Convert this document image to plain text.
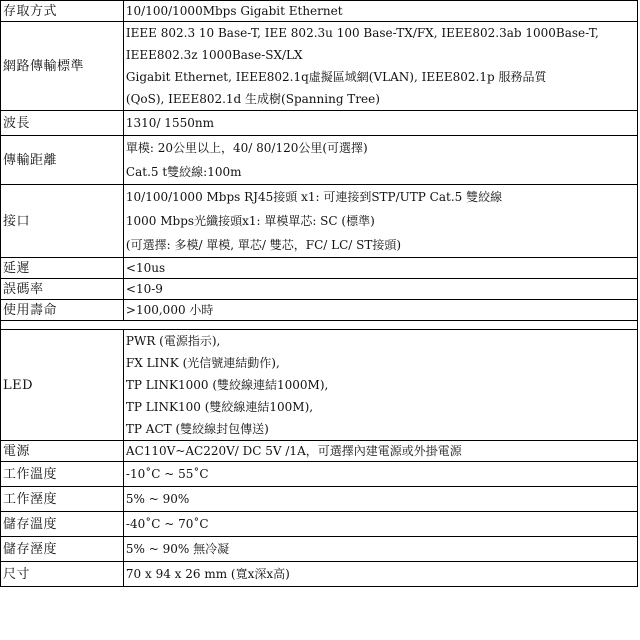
存取方式	10/100/1000Mbps Gigabit Ethernet

網路傳輸標準	IEEE 802.3 10 Base-T, IEE 802.3u 100 Base-TX/FX, IEEE802.3ab 1000Base-T,
IEEE802.3z 1000Base-SX/LX
Gigabit Ethernet, IEEE802.1q虛擬區域網(VLAN), IEEE802.1p 服務品質
(QoS), IEEE802.1d 生成樹(Spanning Tree)

波長	1310/ 1550nm

傳輸距離	單模: 20公里以上，40/ 80/120公里(可選擇)
Cat.5 t雙絞線:100m

接口	10/100/1000 Mbps RJ45接頭 x1: 可連接到STP/UTP Cat.5 雙絞線
1000 Mbps光纖接頭x1: 單模單芯: SC (標準)
(可選擇: 多模/ 單模, 單芯/ 雙芯，FC/ LC/ ST接頭)

延遲	<10us

誤碼率	<10-9

使用壽命	>100,000 小時

LED	PWR (電源指示),
FX LINK (光信號連結動作),
TP LINK1000 (雙絞線連結1000M),
TP LINK100 (雙絞線連結100M),
TP ACT (雙絞線封包傳送)

電源	AC110V~AC220V/ DC 5V /1A，可選擇內建電源或外掛電源

工作溫度	-10˚C ~ 55˚C

工作溼度	5% ~ 90%

儲存溫度	-40˚C ~ 70˚C

儲存溼度	5% ~ 90% 無冷凝

尺寸	70 x 94 x 26 mm (寬x深x高)
